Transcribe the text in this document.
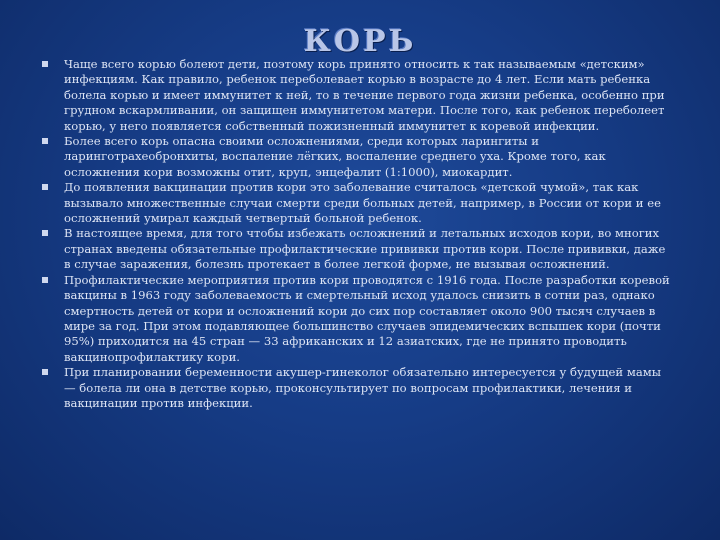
КОРЬ
Чаще всего корью болеют дети, поэтому корь принято относить к так называемым «детским» инфекциям. Как правило, ребенок переболевает корью в возрасте до 4 лет. Если мать ребенка болела корью и имеет иммунитет к ней, то в течение первого года жизни ребенка, особенно при грудном вскармливании, он защищен иммунитетом матери. После того, как ребенок переболеет корью, у него появляется собственный пожизненный иммунитет к коревой инфекции.
Более всего корь опасна своими осложнениями, среди которых ларингиты и ларинготрахеобронхиты, воспаление лёгких, воспаление среднего уха. Кроме того, как осложнения кори возможны отит, круп, энцефалит (1:1000), миокардит.
До появления вакцинации против кори это заболевание считалось «детской чумой», так как вызывало множественные случаи смерти среди больных детей, например, в России от кори и ее осложнений умирал каждый четвертый больной ребенок.
В настоящее время, для того чтобы избежать осложнений и летальных исходов кори, во многих странах введены обязательные профилактические прививки против кори. После прививки, даже в случае заражения, болезнь протекает в более легкой форме, не вызывая осложнений.
Профилактические мероприятия против кори проводятся с 1916 года. После разработки коревой вакцины в 1963 году заболеваемость и смертельный исход удалось снизить в сотни раз, однако смертность детей от кори и осложнений кори до сих пор составляет около 900 тысяч случаев в мире за год. При этом подавляющее большинство случаев эпидемических вспышек кори (почти 95%) приходится на 45 стран — 33 африканских и 12 азиатских, где не принято проводить вакцинопрофилактику кори.
При планировании беременности акушер-гинеколог обязательно интересуется у будущей мамы — болела ли она в детстве корью, проконсультирует по вопросам профилактики, лечения и вакцинации против инфекции.
